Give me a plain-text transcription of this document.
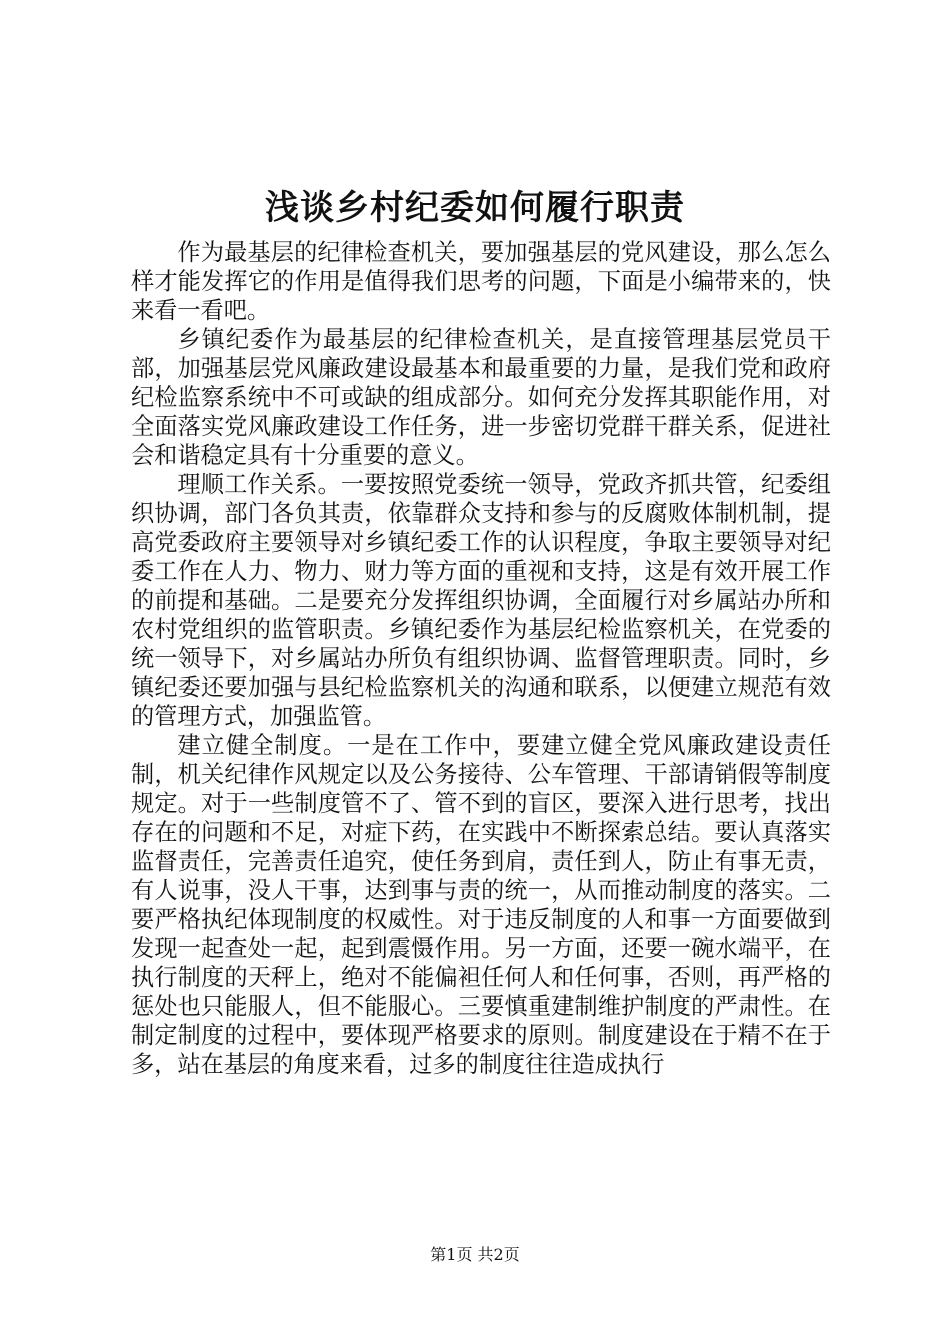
浅谈乡村纪委如何履行职责

作为最基层的纪律检查机关，要加强基层的党风建设，那么怎么样才能发挥它的作用是值得我们思考的问题，下面是小编带来的，快来看一看吧。

乡镇纪委作为最基层的纪律检查机关，是直接管理基层党员干部，加强基层党风廉政建设最基本和最重要的力量，是我们党和政府纪检监察系统中不可或缺的组成部分。如何充分发挥其职能作用，对全面落实党风廉政建设工作任务，进一步密切党群干群关系，促进社会和谐稳定具有十分重要的意义。

理顺工作关系。一要按照党委统一领导，党政齐抓共管，纪委组织协调，部门各负其责，依靠群众支持和参与的反腐败体制机制，提高党委政府主要领导对乡镇纪委工作的认识程度，争取主要领导对纪委工作在人力、物力、财力等方面的重视和支持，这是有效开展工作的前提和基础。二是要充分发挥组织协调，全面履行对乡属站办所和农村党组织的监管职责。乡镇纪委作为基层纪检监察机关，在党委的统一领导下，对乡属站办所负有组织协调、监督管理职责。同时，乡镇纪委还要加强与县纪检监察机关的沟通和联系，以便建立规范有效的管理方式，加强监管。

建立健全制度。一是在工作中，要建立健全党风廉政建设责任制，机关纪律作风规定以及公务接待、公车管理、干部请销假等制度规定。对于一些制度管不了、管不到的盲区，要深入进行思考，找出存在的问题和不足，对症下药，在实践中不断探索总结。要认真落实监督责任，完善责任追究，使任务到肩，责任到人，防止有事无责，有人说事，没人干事，达到事与责的统一，从而推动制度的落实。二要严格执纪体现制度的权威性。对于违反制度的人和事一方面要做到发现一起查处一起，起到震慑作用。另一方面，还要一碗水端平，在执行制度的天秤上，绝对不能偏袒任何人和任何事，否则，再严格的惩处也只能服人，但不能服心。三要慎重建制维护制度的严肃性。在制定制度的过程中，要体现严格要求的原则。制度建设在于精不在于多，站在基层的角度来看，过多的制度往往造成执行

第1页 共2页
